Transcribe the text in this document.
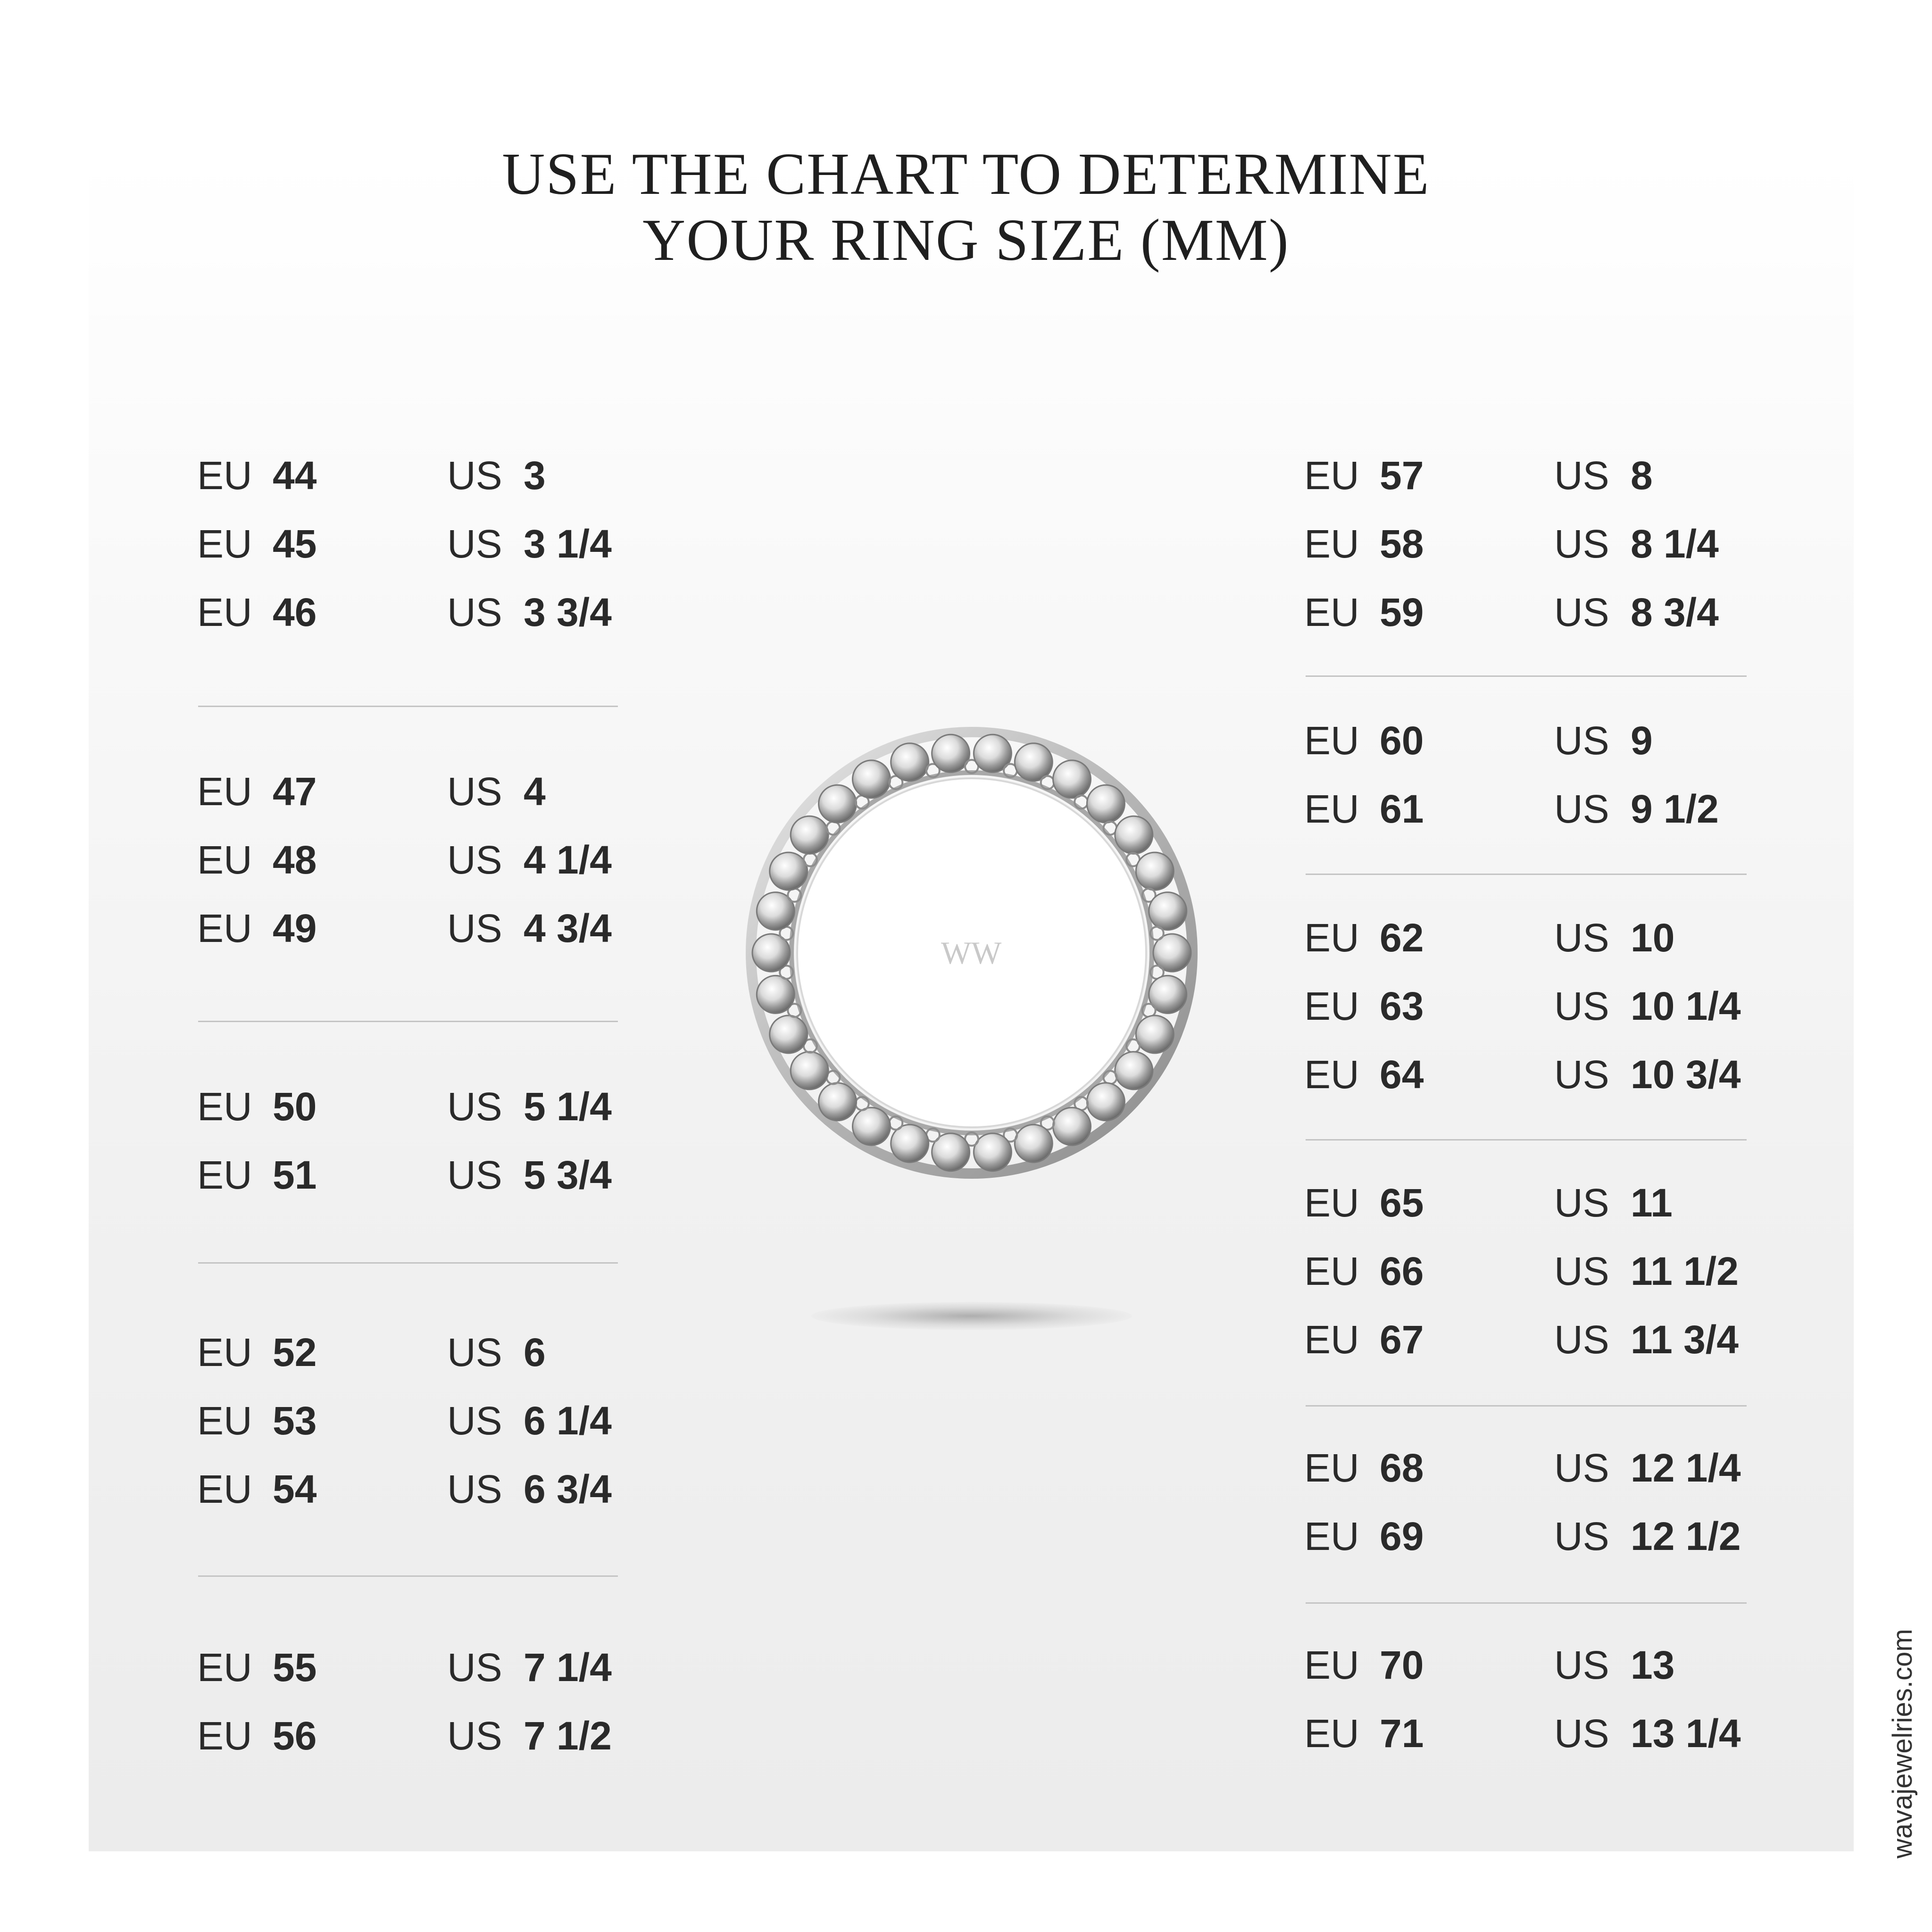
USE THE CHART TO DETERMINE
YOUR RING SIZE (MM)
EU 44	US 3
EU 45	US 3 1/4
EU 46	US 3 3/4
EU 47	US 4
EU 48	US 4 1/4
EU 49	US 4 3/4
EU 50	US 5 1/4
EU 51	US 5 3/4
EU 52	US 6
EU 53	US 6 1/4
EU 54	US 6 3/4
EU 55	US 7 1/4
EU 56	US 7 1/2
EU 57	US 8
EU 58	US 8 1/4
EU 59	US 8 3/4
EU 60	US 9
EU 61	US 9 1/2
EU 62	US 10
EU 63	US 10 1/4
EU 64	US 10 3/4
EU 65	US 11
EU 66	US 11 1/2
EU 67	US 11 3/4
EU 68	US 12 1/4
EU 69	US 12 1/2
EU 70	US 13
EU 71	US 13 1/4
WW
wavajewelries.com
